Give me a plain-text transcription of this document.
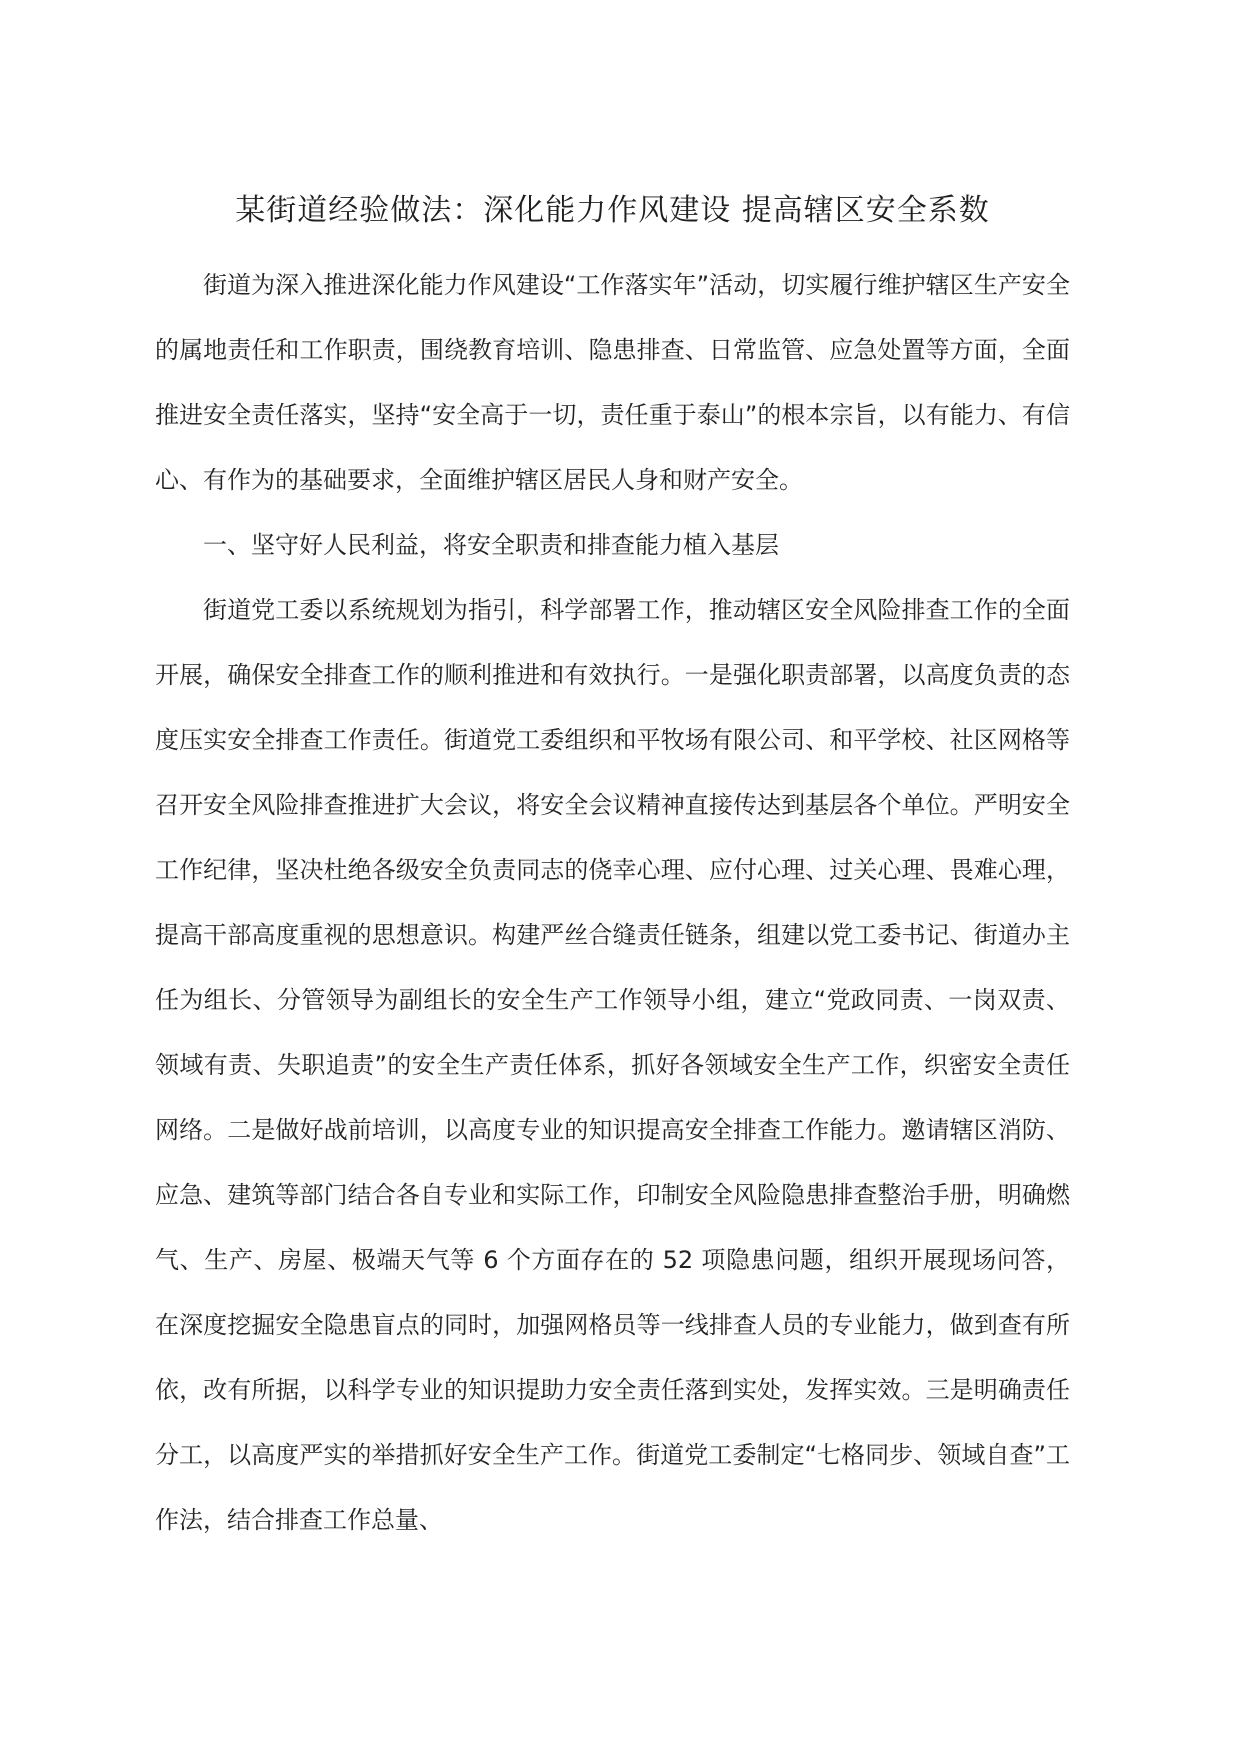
某街道经验做法：深化能力作风建设 提高辖区安全系数

街道为深入推进深化能力作风建设“工作落实年”活动，切实履行维护辖区生产安全的属地责任和工作职责，围绕教育培训、隐患排查、日常监管、应急处置等方面，全面推进安全责任落实，坚持“安全高于一切，责任重于泰山”的根本宗旨，以有能力、有信心、有作为的基础要求，全面维护辖区居民人身和财产安全。

一、坚守好人民利益，将安全职责和排查能力植入基层

街道党工委以系统规划为指引，科学部署工作，推动辖区安全风险排查工作的全面开展，确保安全排查工作的顺利推进和有效执行。一是强化职责部署，以高度负责的态度压实安全排查工作责任。街道党工委组织和平牧场有限公司、和平学校、社区网格等召开安全风险排查推进扩大会议，将安全会议精神直接传达到基层各个单位。严明安全工作纪律，坚决杜绝各级安全负责同志的侥幸心理、应付心理、过关心理、畏难心理，提高干部高度重视的思想意识。构建严丝合缝责任链条，组建以党工委书记、街道办主任为组长、分管领导为副组长的安全生产工作领导小组，建立“党政同责、一岗双责、领域有责、失职追责”的安全生产责任体系，抓好各领域安全生产工作，织密安全责任网络。二是做好战前培训，以高度专业的知识提高安全排查工作能力。邀请辖区消防、应急、建筑等部门结合各自专业和实际工作，印制安全风险隐患排查整治手册，明确燃气、生产、房屋、极端天气等 6 个方面存在的 52 项隐患问题，组织开展现场问答，在深度挖掘安全隐患盲点的同时，加强网格员等一线排查人员的专业能力，做到查有所依，改有所据，以科学专业的知识提助力安全责任落到实处，发挥实效。三是明确责任分工，以高度严实的举措抓好安全生产工作。街道党工委制定“七格同步、领域自查”工作法，结合排查工作总量、
